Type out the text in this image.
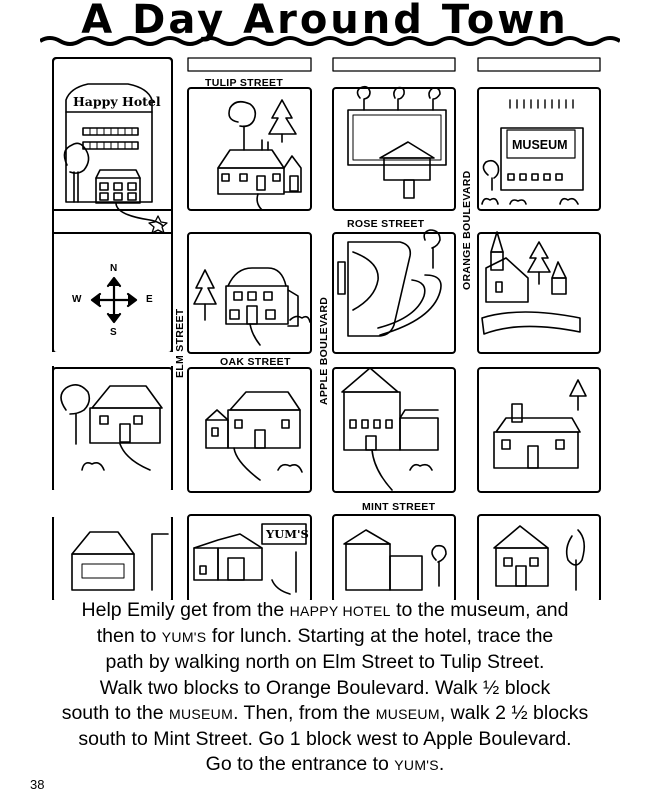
A Day Around Town
TULIP STREET
ROSE STREET
OAK STREET
MINT STREET
ELM STREET	APPLE BOULEVARD
ORANGE BOULEVARD
Happy Hotel
MUSEUM
YUM'S
N
S
W	E
Help Emily get from the HAPPY HOTEL to the museum, and
then to YUM'S for lunch. Starting at the hotel, trace the
path by walking north on Elm Street to Tulip Street.
Walk two blocks to Orange Boulevard. Walk ½ block
south to the MUSEUM. Then, from the MUSEUM, walk 2 ½ blocks
south to Mint Street. Go 1 block west to Apple Boulevard.
Go to the entrance to YUM'S.
38
